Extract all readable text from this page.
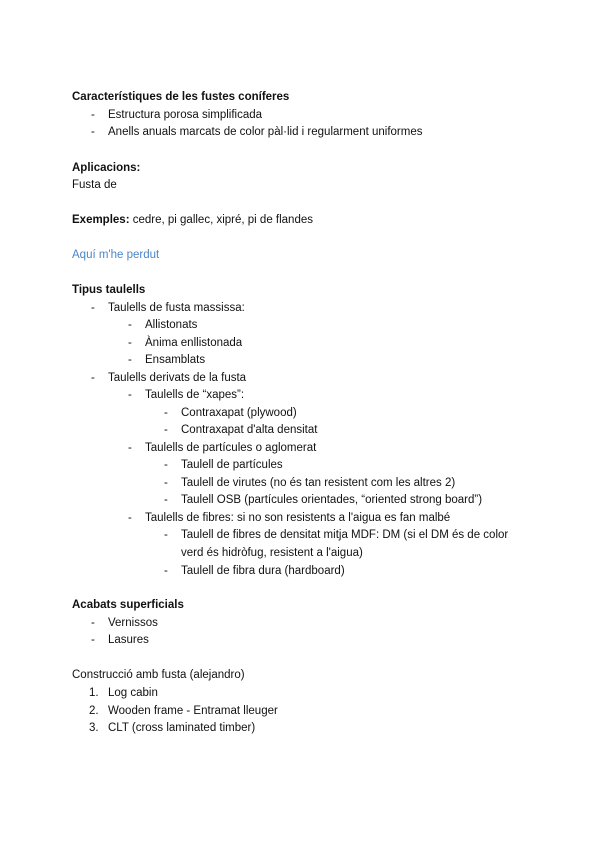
Característiques de les fustes coníferes
- Estructura porosa simplificada
- Anells anuals marcats de color pàl·lid i regularment uniformes
Aplicacions:
Fusta de
Exemples: cedre, pi gallec, xipré, pi de flandes
Aquí m'he perdut
Tipus taulells
- Taulells de fusta massissa:
- Allistonats
- Ànima enllistonada
- Ensamblats
- Taulells derivats de la fusta
- Taulells de “xapes”:
- Contraxapat (plywood)
- Contraxapat d'alta densitat
- Taulells de partícules o aglomerat
- Taulell de partícules
- Taulell de virutes (no és tan resistent com les altres 2)
- Taulell OSB (partícules orientades, “oriented strong board”)
- Taulells de fibres: si no son resistents a l'aigua es fan malbé
- Taulell de fibres de densitat mitja MDF: DM (si el DM és de color
verd és hidròfug, resistent a l'aigua)
- Taulell de fibra dura (hardboard)
Acabats superficials
- Vernissos
- Lasures
Construcció amb fusta (alejandro)
1. Log cabin
2. Wooden frame - Entramat lleuger
3. CLT (cross laminated timber)
